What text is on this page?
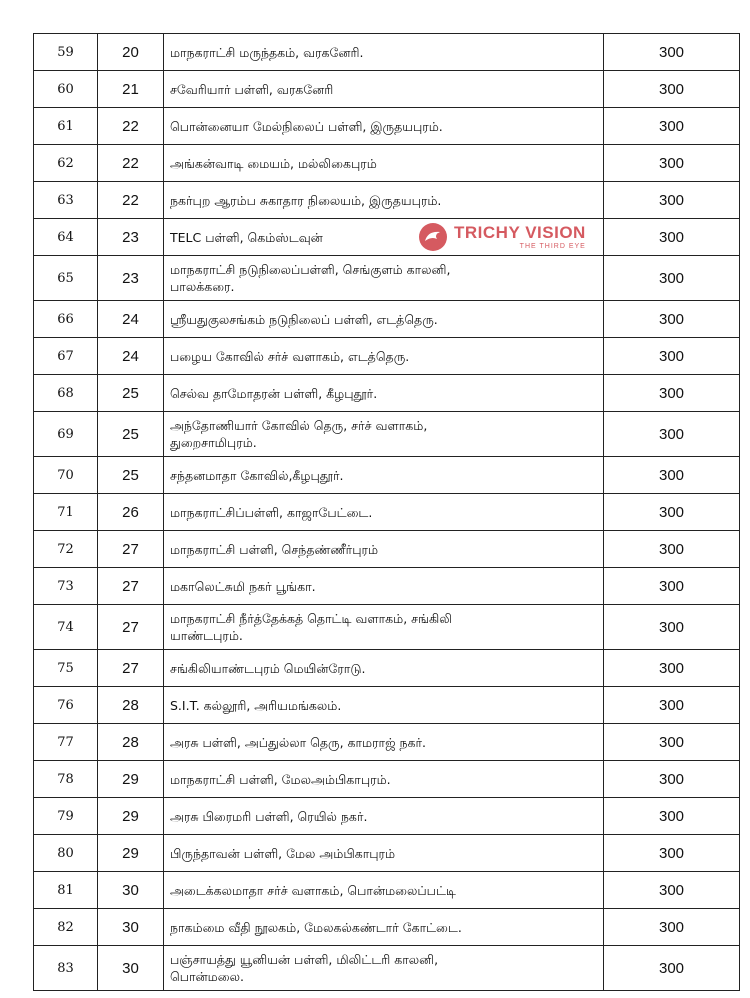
59	20	மாநகராட்சி மருந்தகம், வரகனேரி.	300
60	21	சவேரியார் பள்ளி, வரகனேரி	300
61	22	பொன்னையா மேல்நிலைப் பள்ளி, இருதயபுரம்.	300
62	22	அங்கன்வாடி மையம், மல்லிகைபுரம்	300
63	22	நகர்புற ஆரம்ப சுகாதார நிலையம், இருதயபுரம்.	300
64	23	TELC பள்ளி, கெம்ஸ்டவுன்	300
65	23	மாநகராட்சி நடுநிலைப்பள்ளி, செங்குளம் காலனி,
பாலக்கரை.	300
66	24	ஸ்ரீயதுகுலசங்கம் நடுநிலைப் பள்ளி, எடத்தெரு.	300
67	24	பழைய கோவில் சர்ச் வளாகம், எடத்தெரு.	300
68	25	செல்வ தாமோதரன் பள்ளி, கீழபுதூர்.	300
69	25	அந்தோணியார் கோவில் தெரு, சர்ச் வளாகம்,
துறைசாமிபுரம்.	300
70	25	சந்தனமாதா கோவில்,கீழபுதூர்.	300
71	26	மாநகராட்சிப்பள்ளி, காஜாபேட்டை.	300
72	27	மாநகராட்சி பள்ளி, செந்தண்ணீர்புரம்	300
73	27	மகாலெட்சுமி நகர் பூங்கா.	300
74	27	மாநகராட்சி நீர்த்தேக்கத் தொட்டி வளாகம், சங்கிலி
யாண்டபுரம்.	300
75	27	சங்கிலியாண்டபுரம் மெயின்ரோடு.	300
76	28	S.I.T. கல்லூரி, அரியமங்கலம்.	300
77	28	அரசு பள்ளி, அப்துல்லா தெரு, காமராஜ் நகர்.	300
78	29	மாநகராட்சி பள்ளி, மேலஅம்பிகாபுரம்.	300
79	29	அரசு பிரைமரி பள்ளி, ரெயில் நகர்.	300
80	29	பிருந்தாவன் பள்ளி, மேல அம்பிகாபுரம்	300
81	30	அடைக்கலமாதா சர்ச் வளாகம், பொன்மலைப்பட்டி	300
82	30	நாகம்மை வீதி நூலகம், மேலகல்கண்டார் கோட்டை.	300
83	30	பஞ்சாயத்து யூனியன் பள்ளி, மிலிட்டரி காலனி,
பொன்மலை.	300
TRICHY VISION
THE THIRD EYE
